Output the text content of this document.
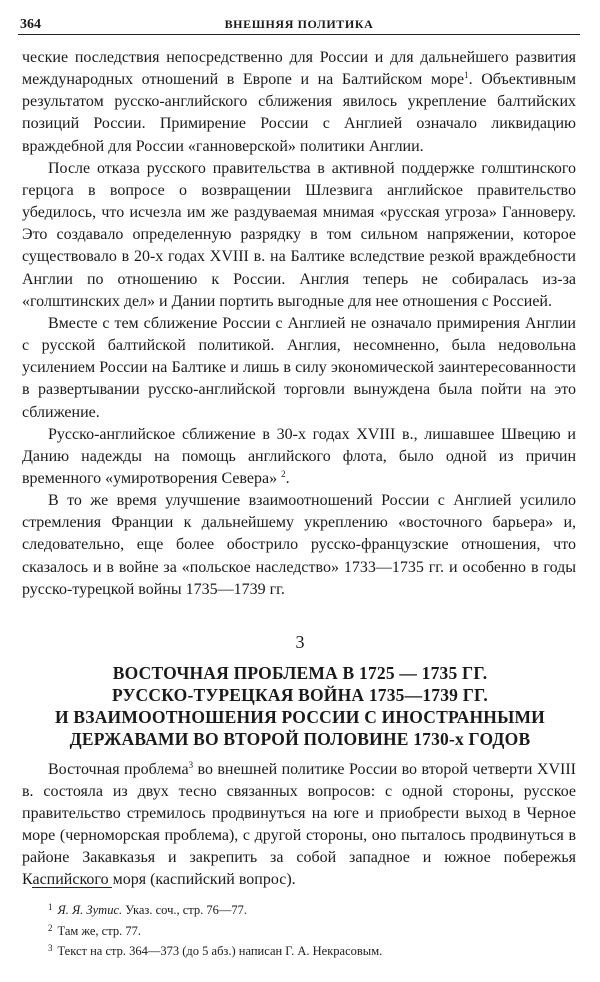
364	ВНЕШНЯЯ ПОЛИТИКА

ческие последствия непосредственно для России и для дальнейшего развития международных отношений в Европе и на Балтийском море$^1$. Объективным результатом русско-английского сближения явилось укрепление балтийских позиций России. Примирение России с Англией означало ликвидацию враждебной для России «ганноверской» политики Англии.

После отказа русского правительства в активной поддержке голштинского герцога в вопросе о возвращении Шлезвига английское правительство убедилось, что исчезла им же раздуваемая мнимая «русская угроза» Ганноверу. Это создавало определенную разрядку в том сильном напряжении, которое существовало в 20-х годах XVIII в. на Балтике вследствие резкой враждебности Англии по отношению к России. Англия теперь не собиралась из-за «голштинских дел» и Дании портить выгодные для нее отношения с Россией.

Вместе с тем сближение России с Англией не означало примирения Англии с русской балтийской политикой. Англия, несомненно, была недовольна усилением России на Балтике и лишь в силу экономической заинтересованности в развертывании русско-английской торговли вынуждена была пойти на это сближение.

Русско-английское сближение в 30-х годах XVIII в., лишавшее Швецию и Данию надежды на помощь английского флота, было одной из причин временного «умиротворения Севера» $^2$.

В то же время улучшение взаимоотношений России с Англией усилило стремления Франции к дальнейшему укреплению «восточного барьера» и, следовательно, еще более обострило русско-французские отношения, что сказалось и в войне за «польское наследство» 1733—1735 гг. и особенно в годы русско-турецкой войны 1735—1739 гг.

3
ВОСТОЧНАЯ ПРОБЛЕМА В 1725 — 1735 ГГ.
РУССКО-ТУРЕЦКАЯ ВОЙНА 1735—1739 ГГ.
И ВЗАИМООТНОШЕНИЯ РОССИИ С ИНОСТРАННЫМИ
ДЕРЖАВАМИ ВО ВТОРОЙ ПОЛОВИНЕ 1730-х ГОДОВ

Восточная проблема$^3$ во внешней политике России во второй четверти XVIII в. состояла из двух тесно связанных вопросов: с одной стороны, русское правительство стремилось продвинуться на юге и приобрести выход в Черное море (черноморская проблема), с другой стороны, оно пыталось продвинуться в районе Закавказья и закрепить за собой западное и южное побережья Каспийского моря (каспийский вопрос).

$^1$ Я. Я. Зутис. Указ. соч., стр. 76—77.
$^2$ Там же, стр. 77.
$^3$ Текст на стр. 364—373 (до 5 абз.) написан Г. А. Некрасовым.
